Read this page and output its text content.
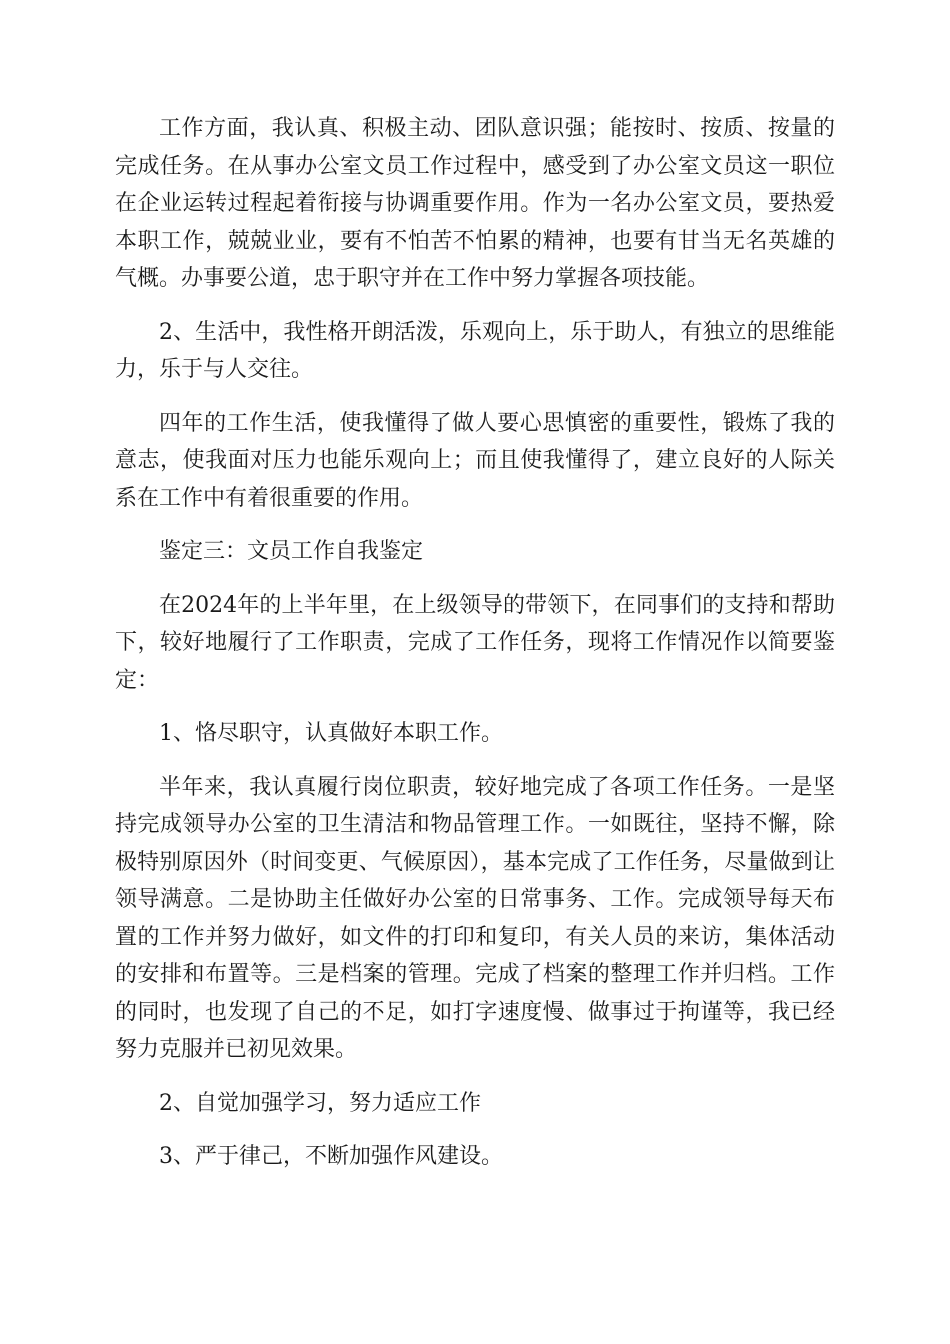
工作方面，我认真、积极主动、团队意识强；能按时、按质、按量的完成任务。在从事办公室文员工作过程中，感受到了办公室文员这一职位在企业运转过程起着衔接与协调重要作用。作为一名办公室文员，要热爱本职工作，兢兢业业，要有不怕苦不怕累的精神，也要有甘当无名英雄的气概。办事要公道，忠于职守并在工作中努力掌握各项技能。

2、生活中，我性格开朗活泼，乐观向上，乐于助人，有独立的思维能力，乐于与人交往。

四年的工作生活，使我懂得了做人要心思慎密的重要性，锻炼了我的意志，使我面对压力也能乐观向上；而且使我懂得了，建立良好的人际关系在工作中有着很重要的作用。

鉴定三：文员工作自我鉴定

在2024年的上半年里，在上级领导的带领下，在同事们的支持和帮助下，较好地履行了工作职责，完成了工作任务，现将工作情况作以简要鉴定：

1、恪尽职守，认真做好本职工作。

半年来，我认真履行岗位职责，较好地完成了各项工作任务。一是坚持完成领导办公室的卫生清洁和物品管理工作。一如既往，坚持不懈，除极特别原因外（时间变更、气候原因），基本完成了工作任务，尽量做到让领导满意。二是协助主任做好办公室的日常事务、工作。完成领导每天布置的工作并努力做好，如文件的打印和复印，有关人员的来访，集体活动的安排和布置等。三是档案的管理。完成了档案的整理工作并归档。工作的同时，也发现了自己的不足，如打字速度慢、做事过于拘谨等，我已经努力克服并已初见效果。

2、自觉加强学习，努力适应工作

3、严于律己，不断加强作风建设。
